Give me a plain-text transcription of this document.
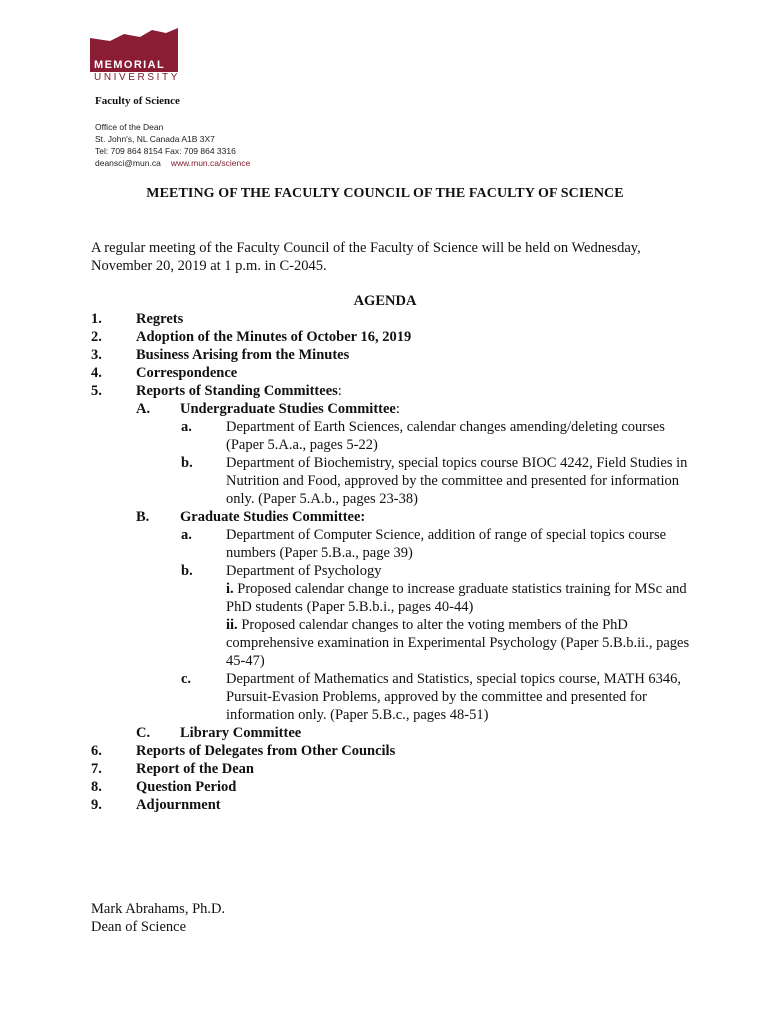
MEMORIAL
UNIVERSITY
Faculty of Science
Office of the Dean
St. John's, NL Canada A1B 3X7
Tel: 709 864 8154 Fax: 709 864 3316
deansci@mun.ca www.mun.ca/science
MEETING OF THE FACULTY COUNCIL OF THE FACULTY OF SCIENCE
A regular meeting of the Faculty Council of the Faculty of Science will be held on Wednesday, November 20, 2019 at 1 p.m. in C-2045.
AGENDA
1. Regrets
2. Adoption of the Minutes of October 16, 2019
3. Business Arising from the Minutes
4. Correspondence
5. Reports of Standing Committees:
A. Undergraduate Studies Committee:
a. Department of Earth Sciences, calendar changes amending/deleting courses (Paper 5.A.a., pages 5-22)
b. Department of Biochemistry, special topics course BIOC 4242, Field Studies in Nutrition and Food, approved by the committee and presented for information only. (Paper 5.A.b., pages 23-38)
B. Graduate Studies Committee:
a. Department of Computer Science, addition of range of special topics course numbers (Paper 5.B.a., page 39)
b. Department of Psychology
i. Proposed calendar change to increase graduate statistics training for MSc and PhD students (Paper 5.B.b.i., pages 40-44)
ii. Proposed calendar changes to alter the voting members of the PhD comprehensive examination in Experimental Psychology (Paper 5.B.b.ii., pages 45-47)
c. Department of Mathematics and Statistics, special topics course, MATH 6346, Pursuit-Evasion Problems, approved by the committee and presented for information only. (Paper 5.B.c., pages 48-51)
C. Library Committee
6. Reports of Delegates from Other Councils
7. Report of the Dean
8. Question Period
9. Adjournment
Mark Abrahams, Ph.D.
Dean of Science
